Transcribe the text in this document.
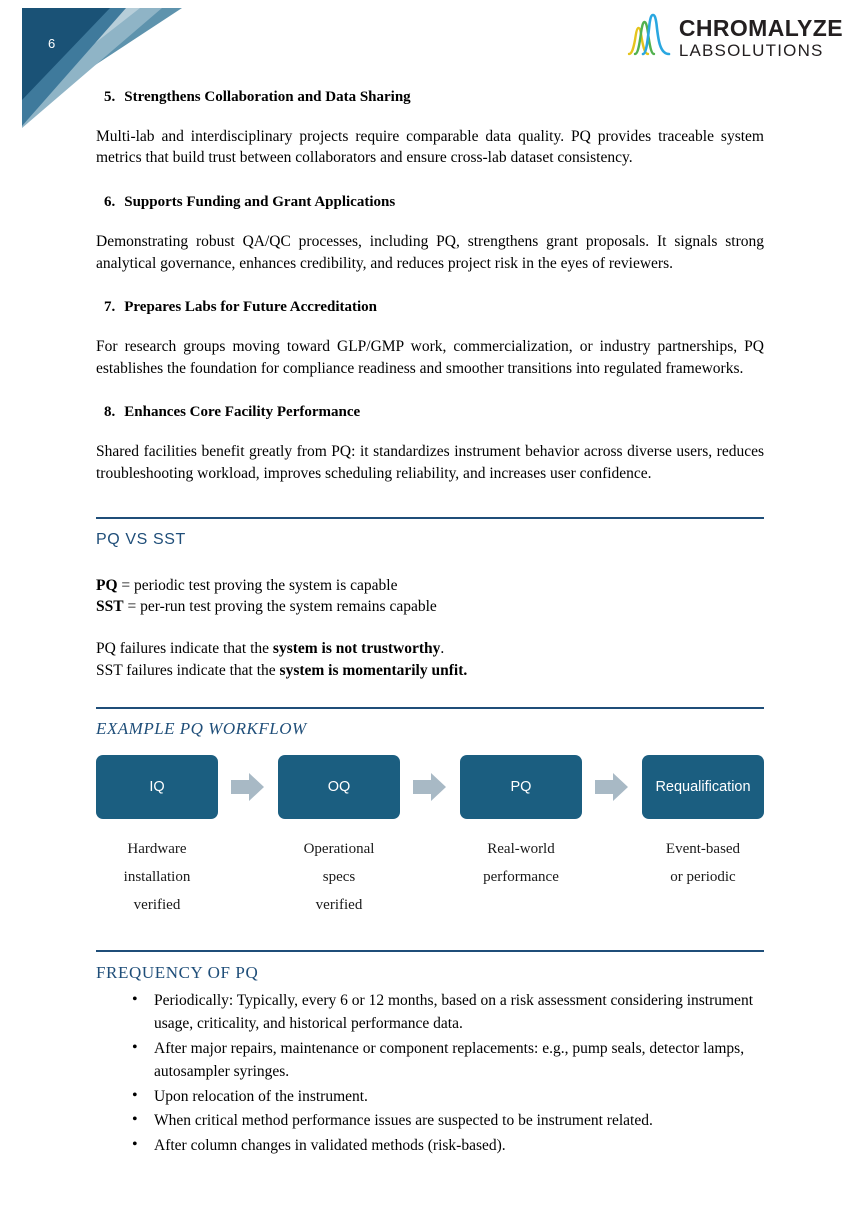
6
CHROMALYZE
LABSOLUTIONS
5. Strengthens Collaboration and Data Sharing

Multi-lab and interdisciplinary projects require comparable data quality. PQ provides traceable system metrics that build trust between collaborators and ensure cross-lab dataset consistency.

6. Supports Funding and Grant Applications

Demonstrating robust QA/QC processes, including PQ, strengthens grant proposals. It signals strong analytical governance, enhances credibility, and reduces project risk in the eyes of reviewers.

7. Prepares Labs for Future Accreditation

For research groups moving toward GLP/GMP work, commercialization, or industry partnerships, PQ establishes the foundation for compliance readiness and smoother transitions into regulated frameworks.

8. Enhances Core Facility Performance

Shared facilities benefit greatly from PQ: it standardizes instrument behavior across diverse users, reduces troubleshooting workload, improves scheduling reliability, and increases user confidence.

PQ VS SST
PQ = periodic test proving the system is capable
SST = per-run test proving the system remains capable
PQ failures indicate that the system is not trustworthy.
SST failures indicate that the system is momentarily unfit.
EXAMPLE PQ WORKFLOW
IQ
Hardware
installation
verified
OQ
Operational
specs
verified
PQ
Real-world
performance
Requalification
Event-based
or periodic
FREQUENCY OF PQ
• Periodically: Typically, every 6 or 12 months, based on a risk assessment considering instrument usage, criticality, and historical performance data.
• After major repairs, maintenance or component replacements: e.g., pump seals, detector lamps, autosampler syringes.
• Upon relocation of the instrument.
• When critical method performance issues are suspected to be instrument related.
• After column changes in validated methods (risk-based).
